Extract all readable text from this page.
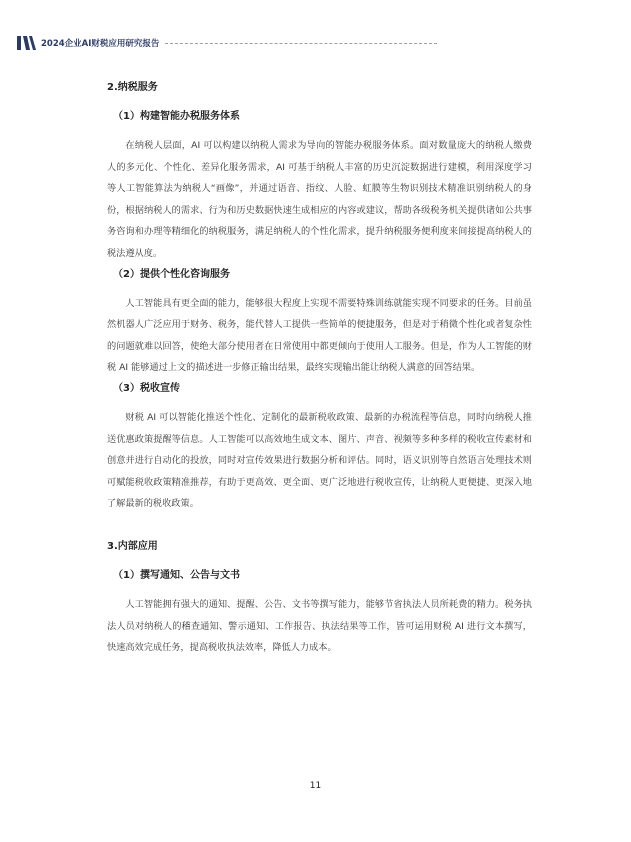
2024企业AI财税应用研究报告
2.纳税服务
（1）构建智能办税服务体系

在纳税人层面，AI 可以构建以纳税人需求为导向的智能办税服务体系。面对数量庞大的纳税人缴费人的多元化、个性化、差异化服务需求，AI 可基于纳税人丰富的历史沉淀数据进行建模，利用深度学习等人工智能算法为纳税人“画像”，并通过语音、指纹、人脸、虹膜等生物识别技术精准识别纳税人的身份，根据纳税人的需求、行为和历史数据快速生成相应的内容或建议，帮助各级税务机关提供诸如公共事务咨询和办理等精细化的纳税服务，满足纳税人的个性化需求，提升纳税服务便利度来间接提高纳税人的税法遵从度。

（2）提供个性化咨询服务

人工智能具有更全面的能力，能够很大程度上实现不需要特殊训练就能实现不同要求的任务。目前虽然机器人广泛应用于财务、税务，能代替人工提供一些简单的便捷服务，但是对于稍微个性化或者复杂性的问题就难以回答，使绝大部分使用者在日常使用中都更倾向于使用人工服务。但是，作为人工智能的财税 AI 能够通过上文的描述进一步修正输出结果，最终实现输出能让纳税人满意的回答结果。

（3）税收宣传

财税 AI 可以智能化推送个性化、定制化的最新税收政策、最新的办税流程等信息，同时向纳税人推送优惠政策提醒等信息。人工智能可以高效地生成文本、图片、声音、视频等多种多样的税收宣传素材和创意并进行自动化的投放，同时对宣传效果进行数据分析和评估。同时，语义识别等自然语言处理技术则可赋能税收政策精准推荐，有助于更高效、更全面、更广泛地进行税收宣传，让纳税人更便捷、更深入地了解最新的税收政策。

3.内部应用
（1）撰写通知、公告与文书

人工智能拥有强大的通知、提醒、公告、文书等撰写能力，能够节省执法人员所耗费的精力。税务执法人员对纳税人的稽查通知、警示通知、工作报告、执法结果等工作，皆可运用财税 AI 进行文本撰写，快速高效完成任务，提高税收执法效率，降低人力成本。

11
